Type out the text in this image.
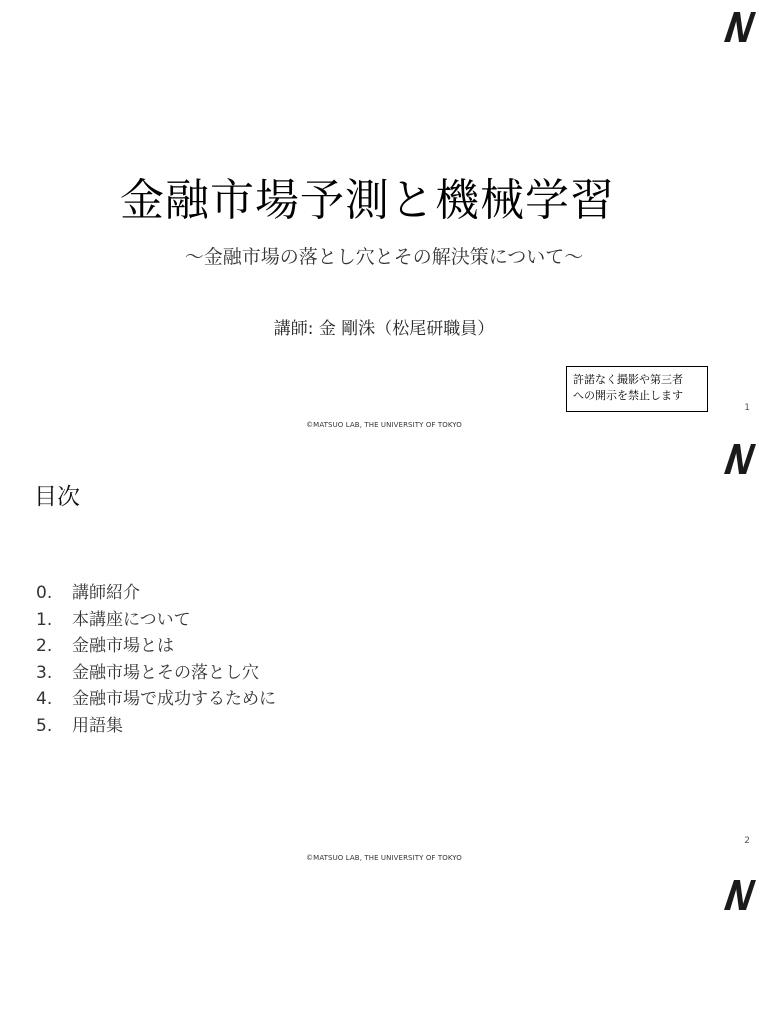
金融市場予測と機械学習
〜金融市場の落とし穴とその解決策について〜
講師: 金 剛洙（松尾研職員）
許諾なく撮影や第三者
への開示を禁止します
1
©MATSUO LAB, THE UNIVERSITY OF TOKYO
目次
0. 講師紹介
1. 本講座について
2. 金融市場とは
3. 金融市場とその落とし穴
4. 金融市場で成功するために
5. 用語集
2
©MATSUO LAB, THE UNIVERSITY OF TOKYO
